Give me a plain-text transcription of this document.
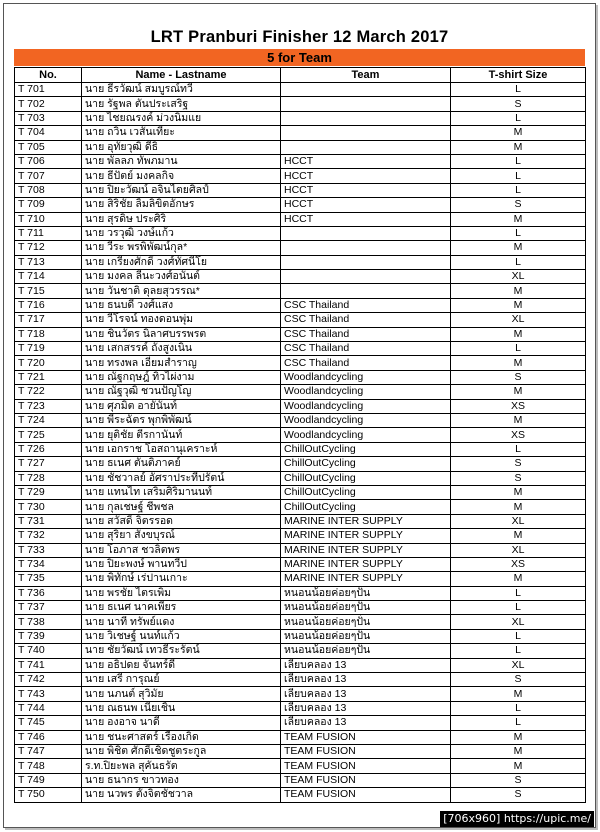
LRT Pranburi Finisher 12 March 2017
5 for Team
No.	Name - Lastname	Team	T-shirt Size
T 701	นาย ธีรวัฒน์ สมบูรณ์ทวี		L
T 702	นาย รัฐพล ตันประเสริฐ		S
T 703	นาย ไชยณรงค์ ม่วงนิ่มแย		L
T 704	นาย ถวิน เวสันเทียะ		M
T 705	นาย อุทัยวุฒิ ดีธิ		M
T 706	นาย พัลลภ ทัพภมาน	HCCT	L
T 707	นาย ธีปัตย์ มงคลกิจ	HCCT	L
T 708	นาย ปิยะวัฒน์ อจินไตยศิลป์	HCCT	L
T 709	นาย สิริชัย ลิ้มลิขิตอักษร	HCCT	S
T 710	นาย สุรดิษ ประศิริ	HCCT	M
T 711	นาย วรวุฒิ วงษ์แก้ว		L
T 712	นาย วีระ พรพิพัฒน์กุล*		M
T 713	นาย เกรียงศักดิ์ วงศ์ทัศนีโย		L
T 714	นาย มงคล ลีนะวงศ์อนันต์		XL
T 715	นาย วันชาติ ดุลยสุวรรณ*		M
T 716	นาย ธนบดี วงศ์แสง	CSC Thailand	M
T 717	นาย วีโรจน์ ทองดอนพุ่ม	CSC Thailand	XL
T 718	นาย ชินวัตร นิลาศบรรพรต	CSC Thailand	M
T 719	นาย เสกสรรค์ ถังสูงเนิน	CSC Thailand	L
T 720	นาย ทรงพล เอี่ยมสำราญ	CSC Thailand	M
T 721	นาย ณัฐกฤษฎ์ ทิวไผ่งาม	Woodlandcycling	S
T 722	นาย ณัฐวุฒิ ชวนปัญโญ	Woodlandcycling	M
T 723	นาย ศุภมิต อายันันท์	Woodlandcycling	XS
T 724	นาย พีระฉัตร พุกพิพัฒน์	Woodlandcycling	M
T 725	นาย ยุติชัย ตีรกานันท์	Woodlandcycling	XS
T 726	นาย เอกราช โอสถานุเคราะห์	ChillOutCycling	L
T 727	นาย ธเนศ ตันติภาคย์	ChillOutCycling	S
T 728	นาย ชัชวาลย์ อัศราประทีปรัตน์	ChillOutCycling	S
T 729	นาย แทนไท เสริมศิริมานนท์	ChillOutCycling	M
T 730	นาย กุลเชษฐ์ ชีพชล	ChillOutCycling	M
T 731	นาย สวัสดิ์ จิตรรอด	MARINE INTER SUPPLY	XL
T 732	นาย สุริยา สังขบุรณ์	MARINE INTER SUPPLY	M
T 733	นาย โอภาส ชวลิตพร	MARINE INTER SUPPLY	XL
T 734	นาย ปิยะพงษ์ พานทวีป	MARINE INTER SUPPLY	XS
T 735	นาย พิทักษ์ เร่ปานเกาะ	MARINE INTER SUPPLY	M
T 736	นาย พรชัย ไตรเพิ่ม	หนอนน้อยค่อยๆปั่น	L
T 737	นาย ธเนศ นาคเพียร	หนอนน้อยค่อยๆปั่น	L
T 738	นาย นาที ทรัพย์แดง	หนอนน้อยค่อยๆปั่น	XL
T 739	นาย วิเชษฐ์ นนท์แก้ว	หนอนน้อยค่อยๆปั่น	L
T 740	นาย ชัยวัฒน์ เทวธีระรัตน์	หนอนน้อยค่อยๆปั่น	L
T 741	นาย อธิปดย จันทร์ดี	เลียบคลอง 13	XL
T 742	นาย เสรี การุณย์	เลียบคลอง 13	S
T 743	นาย นภนต์ สุวิมัย	เลียบคลอง 13	M
T 744	นาย ณธนพ เนียเชิ้น	เลียบคลอง 13	L
T 745	นาย องอาจ นาดี	เลียบคลอง 13	L
T 746	นาย ชนะศาสตร์ เรืองเกิด	TEAM FUSION	M
T 747	นาย พิชิต ศักดิ์เชิดชูตระกูล	TEAM FUSION	M
T 748	ร.ท.ปิยะพล สุคันธรัต	TEAM FUSION	M
T 749	นาย ธนากร ขาวทอง	TEAM FUSION	S
T 750	นาย นวพร ตั้งจิตชัชวาล	TEAM FUSION	S
[706x960] https://upic.me/
